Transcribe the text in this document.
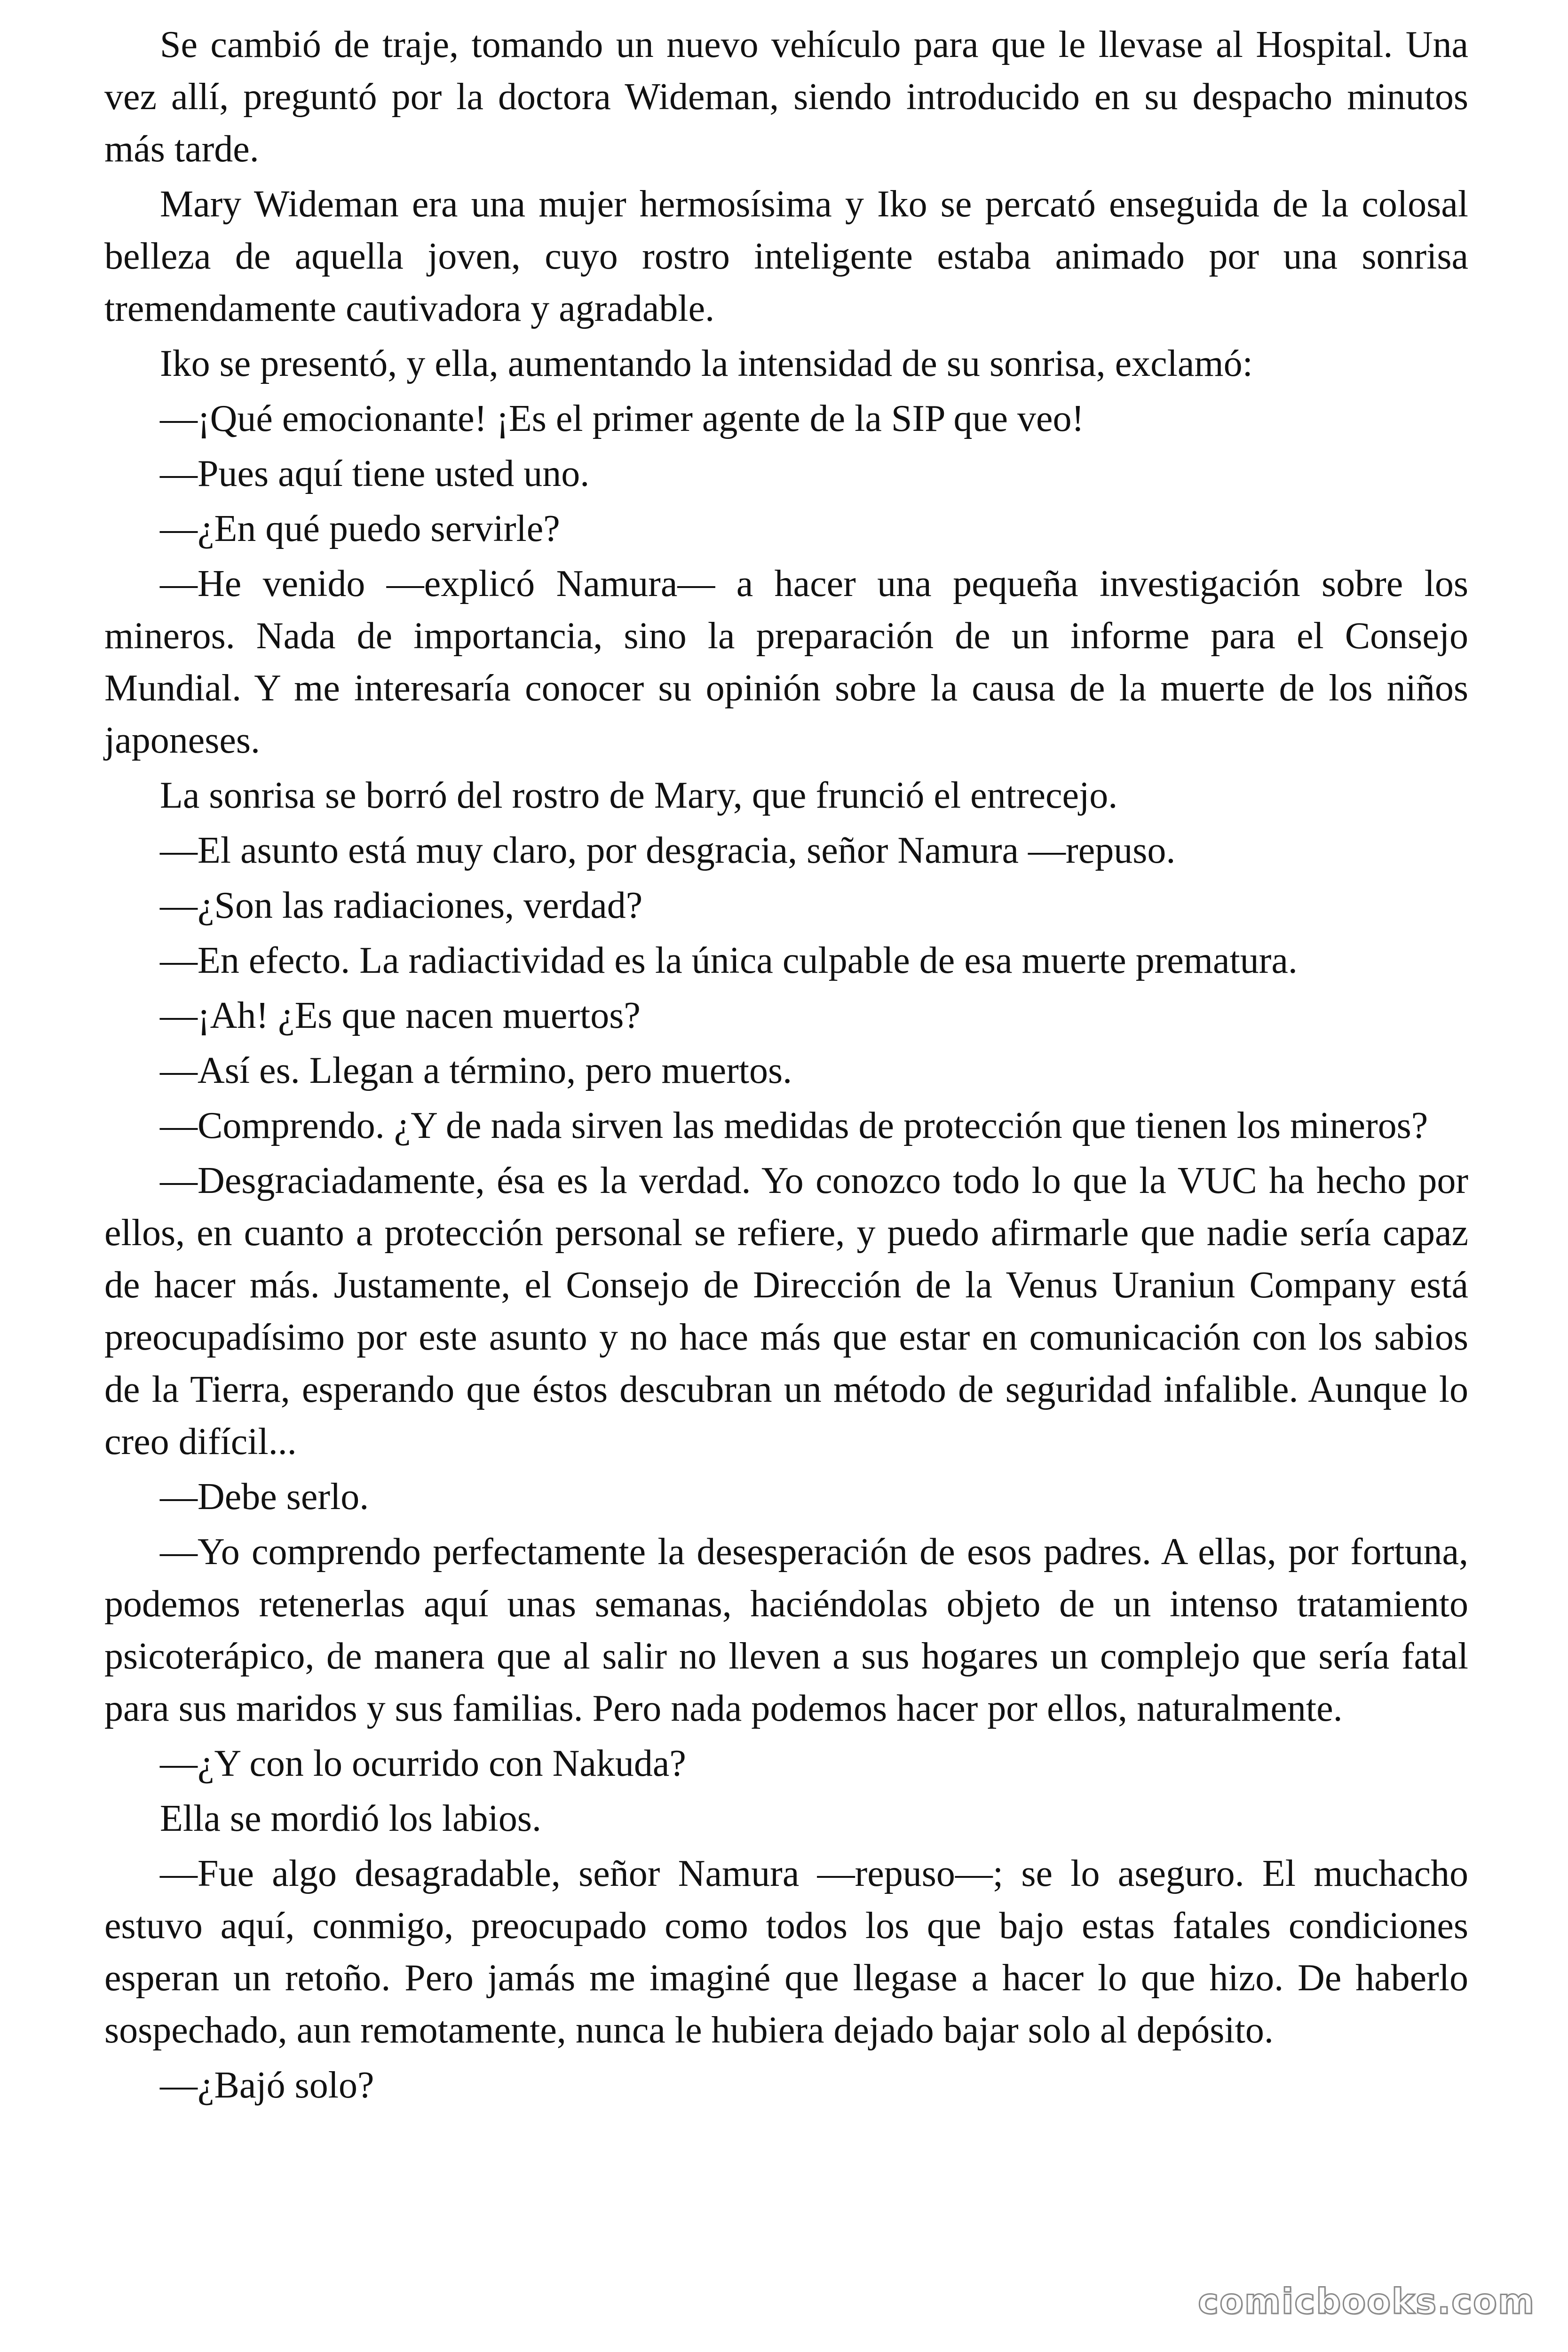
Se cambió de traje, tomando un nuevo vehículo para que le llevase al Hospital. Una vez allí, preguntó por la doctora Wideman, siendo introducido en su despacho minutos más tarde.

Mary Wideman era una mujer hermosísima y Iko se percató enseguida de la colosal belleza de aquella joven, cuyo rostro inteligente estaba animado por una sonrisa tremendamente cautivadora y agradable.

Iko se presentó, y ella, aumentando la intensidad de su sonrisa, exclamó:

—¡Qué emocionante! ¡Es el primer agente de la SIP que veo!

—Pues aquí tiene usted uno.

—¿En qué puedo servirle?

—He venido —explicó Namura— a hacer una pequeña investigación sobre los mineros. Nada de importancia, sino la preparación de un informe para el Consejo Mundial. Y me interesaría conocer su opinión sobre la causa de la muerte de los niños japoneses.

La sonrisa se borró del rostro de Mary, que frunció el entrecejo.

—El asunto está muy claro, por desgracia, señor Namura —repuso.

—¿Son las radiaciones, verdad?

—En efecto. La radiactividad es la única culpable de esa muerte prematura.

—¡Ah! ¿Es que nacen muertos?

—Así es. Llegan a término, pero muertos.

—Comprendo. ¿Y de nada sirven las medidas de protección que tienen los mineros?

—Desgraciadamente, ésa es la verdad. Yo conozco todo lo que la VUC ha hecho por ellos, en cuanto a protección personal se refiere, y puedo afirmarle que nadie sería capaz de hacer más. Justamente, el Consejo de Dirección de la Venus Uraniun Company está preocupadísimo por este asunto y no hace más que estar en comunicación con los sabios de la Tierra, esperando que éstos descubran un método de seguridad infalible. Aunque lo creo difícil...

—Debe serlo.

—Yo comprendo perfectamente la desesperación de esos padres. A ellas, por fortuna, podemos retenerlas aquí unas semanas, haciéndolas objeto de un intenso tratamiento psicoterápico, de manera que al salir no lleven a sus hogares un complejo que sería fatal para sus maridos y sus familias. Pero nada podemos hacer por ellos, naturalmente.

—¿Y con lo ocurrido con Nakuda?

Ella se mordió los labios.

—Fue algo desagradable, señor Namura —repuso—; se lo aseguro. El muchacho estuvo aquí, conmigo, preocupado como todos los que bajo estas fatales condiciones esperan un retoño. Pero jamás me imaginé que llegase a hacer lo que hizo. De haberlo sospechado, aun remotamente, nunca le hubiera dejado bajar solo al depósito.

—¿Bajó solo?

comicbooks.com
